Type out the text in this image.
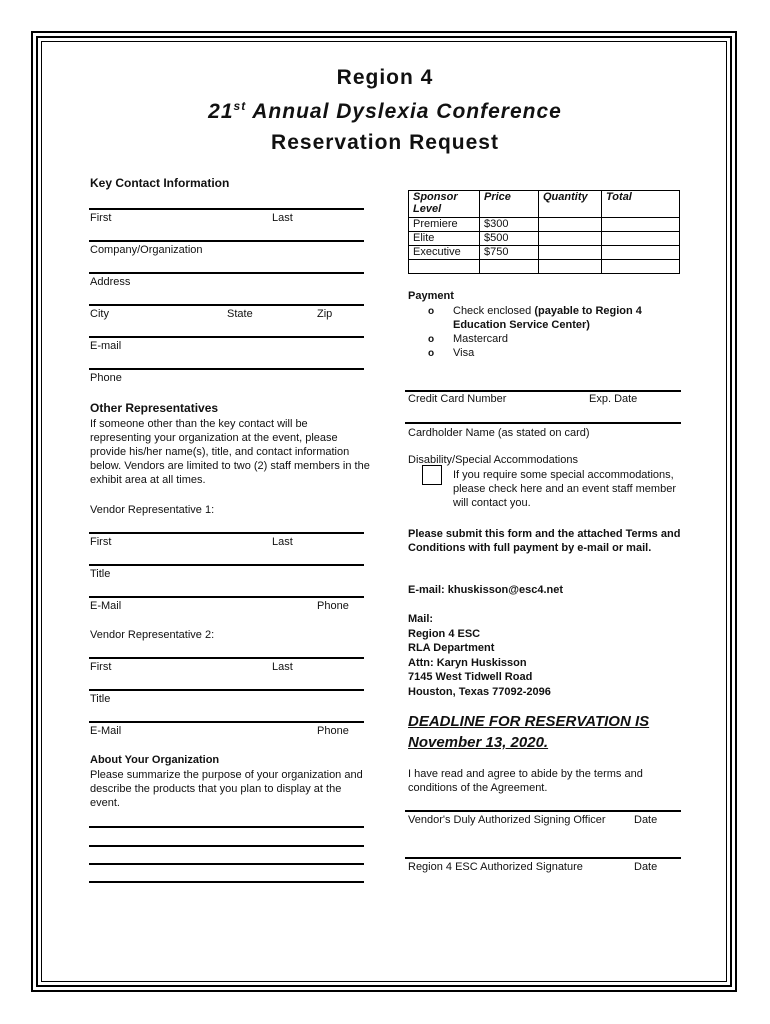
Region 4
21st Annual Dyslexia Conference
Reservation Request
Key Contact Information
First	Last
Company/Organization
Address
City	State	Zip
E-mail
Phone
Other Representatives
If someone other than the key contact will be representing your organization at the event, please provide his/her name(s), title, and contact information below. Vendors are limited to two (2) staff members in the exhibit area at all times.
Vendor Representative 1:
First	Last
Title
E-Mail	Phone
Vendor Representative 2:
First	Last
Title
E-Mail	Phone
About Your Organization
Please summarize the purpose of your organization and describe the products that you plan to display at the event.
Sponsor Level	Price	Quantity	Total
Premiere	$300		
Elite	$500		
Executive	$750		

Payment
o Check enclosed (payable to Region 4 Education Service Center)
o Mastercard
o Visa
Credit Card Number	Exp. Date
Cardholder Name (as stated on card)
Disability/Special Accommodations
If you require some special accommodations, please check here and an event staff member will contact you.
Please submit this form and the attached Terms and Conditions with full payment by e-mail or mail.
E-mail: khuskisson@esc4.net
Mail:
Region 4 ESC
RLA Department
Attn: Karyn Huskisson
7145 West Tidwell Road
Houston, Texas 77092-2096
DEADLINE FOR RESERVATION IS
November 13, 2020.
I have read and agree to abide by the terms and conditions of the Agreement.
Vendor's Duly Authorized Signing Officer	Date
Region 4 ESC Authorized Signature	Date
